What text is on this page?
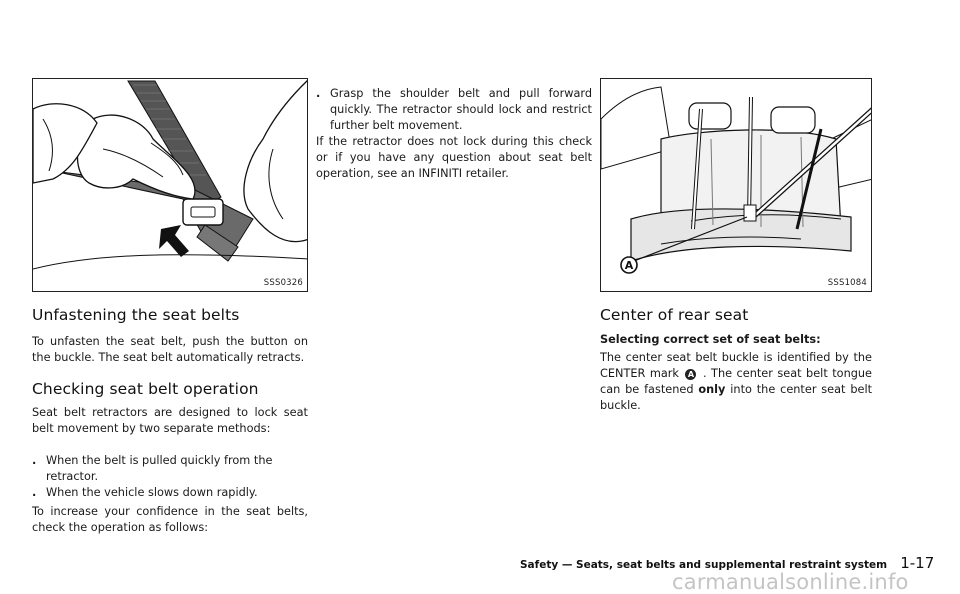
SSS0326
Unfastening the seat belts

To unfasten the seat belt, push the button on the buckle. The seat belt automatically retracts.

Checking seat belt operation

Seat belt retractors are designed to lock seat belt movement by two separate methods:

. When the belt is pulled quickly from the retractor.
. When the vehicle slows down rapidly.

To increase your confidence in the seat belts, check the operation as follows:

. Grasp the shoulder belt and pull forward quickly. The retractor should lock and restrict further belt movement.

If the retractor does not lock during this check or if you have any question about seat belt operation, see an INFINITI retailer.

A
SSS1084
Center of rear seat

Selecting correct set of seat belts:

The center seat belt buckle is identified by the CENTER mark A . The center seat belt tongue can be fastened only into the center seat belt buckle.

Safety — Seats, seat belts and supplemental restraint system 1-17
carmanualsonline.info
